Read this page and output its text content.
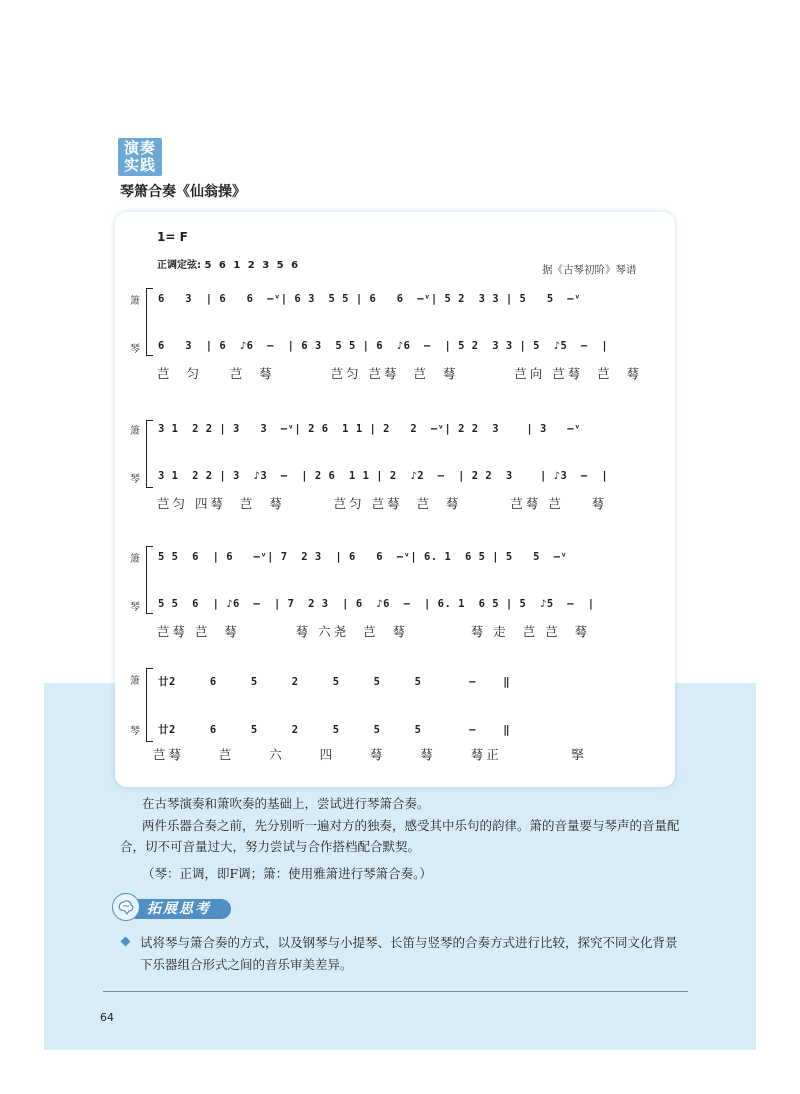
演奏
实践
琴箫合奏《仙翁操》
1= F
正调定弦: 5 6 1 2 3 5 6	据《古琴初阶》琴谱
箫
琴
6   3  | 6   6  –ᵛ| 6 3  5 5 | 6   6  –ᵛ| 5 2  3 3 | 5   5  –ᵛ
6   3  | 6  ♪6  –  | 6 3  5 5 | 6  ♪6  –  | 5 2  3 3 | 5  ♪5  –  |
芑  匀    芑  䔢        芑匀 芑䔢  芑  䔢        芑向 芑䔢  芑  䔢
箫
琴
3 1  2 2 | 3   3  –ᵛ| 2 6  1 1 | 2   2  –ᵛ| 2 2  3    | 3   –ᵛ
3 1  2 2 | 3  ♪3  –  | 2 6  1 1 | 2  ♪2  –  | 2 2  3    | ♪3  –  |
芑匀 四䔢  芑  䔢       芑匀 芑䔢  芑  䔢       芑䔢 芑    䔢
箫
琴
5 5  6  | 6   –ᵛ| 7  2 3  | 6   6  –ᵛ| 6. 1  6 5 | 5   5  –ᵛ
5 5  6  | ♪6  –  | 7  2 3  | 6  ♪6  –  | 6. 1  6 5 | 5  ♪5  –  |
芑䔢 芑  䔢        䔢 六尧  芑  䔢         䔢 走  芑 芑  䔢
箫
琴
廿2     6     5     2     5     5     5       –    ‖
廿2     6     5     2     5     5     5       –    ‖
芑䔢     芑     六     四     䔢     䔢     䔢正          掔
在古琴演奏和箫吹奏的基础上，尝试进行琴箫合奏。
两件乐器合奏之前，先分别听一遍对方的独奏，感受其中乐句的韵律。箫的音量要与琴声的音量配合，切不可音量过大，努力尝试与合作搭档配合默契。
（琴：正调，即F调；箫：使用雅箫进行琴箫合奏。）
拓展思考
试将琴与箫合奏的方式，以及钢琴与小提琴、长笛与竖琴的合奏方式进行比较，探究不同文化背景下乐器组合形式之间的音乐审美差异。
64
